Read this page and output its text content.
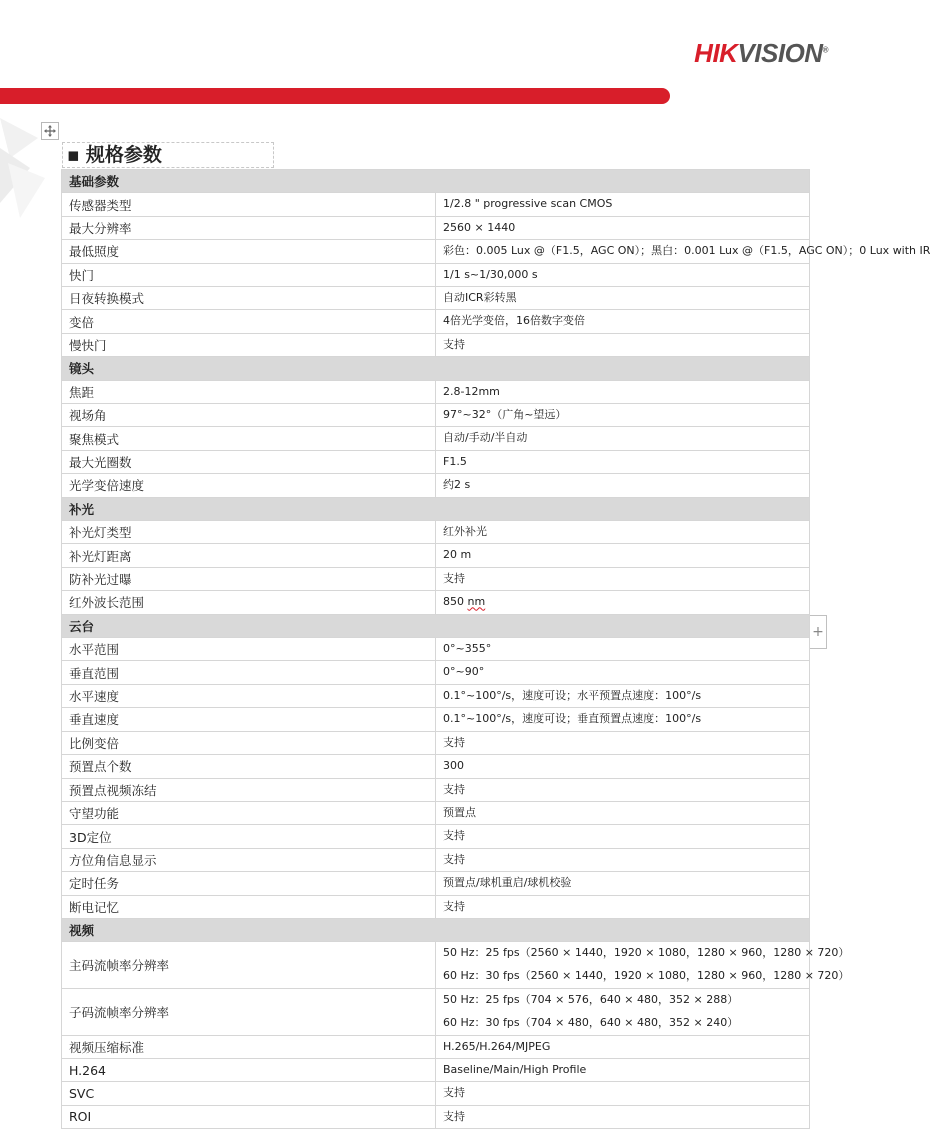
HIKVISION®
▪ 规格参数
基础参数	
传感器类型	1/2.8 " progressive scan CMOS

最大分辨率	2560 × 1440

最低照度	彩色：0.005 Lux @（F1.5，AGC ON）；黑白：0.001 Lux @（F1.5，AGC ON）；0 Lux with IR

快门	1/1 s~1/30,000 s

日夜转换模式	自动ICR彩转黑

变倍	4倍光学变倍，16倍数字变倍

慢快门	支持

镜头	
焦距	2.8-12mm

视场角	97°~32°（广角~望远）

聚焦模式	自动/手动/半自动

最大光圈数	F1.5

光学变倍速度	约2 s

补光	
补光灯类型	红外补光

补光灯距离	20 m

防补光过曝	支持

红外波长范围	850 nm

云台	
水平范围	0°~355°

垂直范围	0°~90°

水平速度	0.1°~100°/s，速度可设；水平预置点速度：100°/s

垂直速度	0.1°~100°/s，速度可设；垂直预置点速度：100°/s

比例变倍	支持

预置点个数	300

预置点视频冻结	支持

守望功能	预置点

3D定位	支持

方位角信息显示	支持

定时任务	预置点/球机重启/球机校验

断电记忆	支持

视频	
主码流帧率分辨率	50 Hz：25 fps（2560 × 1440，1920 × 1080，1280 × 960，1280 × 720）
60 Hz：30 fps（2560 × 1440，1920 × 1080，1280 × 960，1280 × 720）

子码流帧率分辨率	50 Hz：25 fps（704 × 576，640 × 480，352 × 288）
60 Hz：30 fps（704 × 480，640 × 480，352 × 240）

视频压缩标准	H.265/H.264/MJPEG

H.264	Baseline/Main/High Profile

SVC	支持

ROI	支持
+
